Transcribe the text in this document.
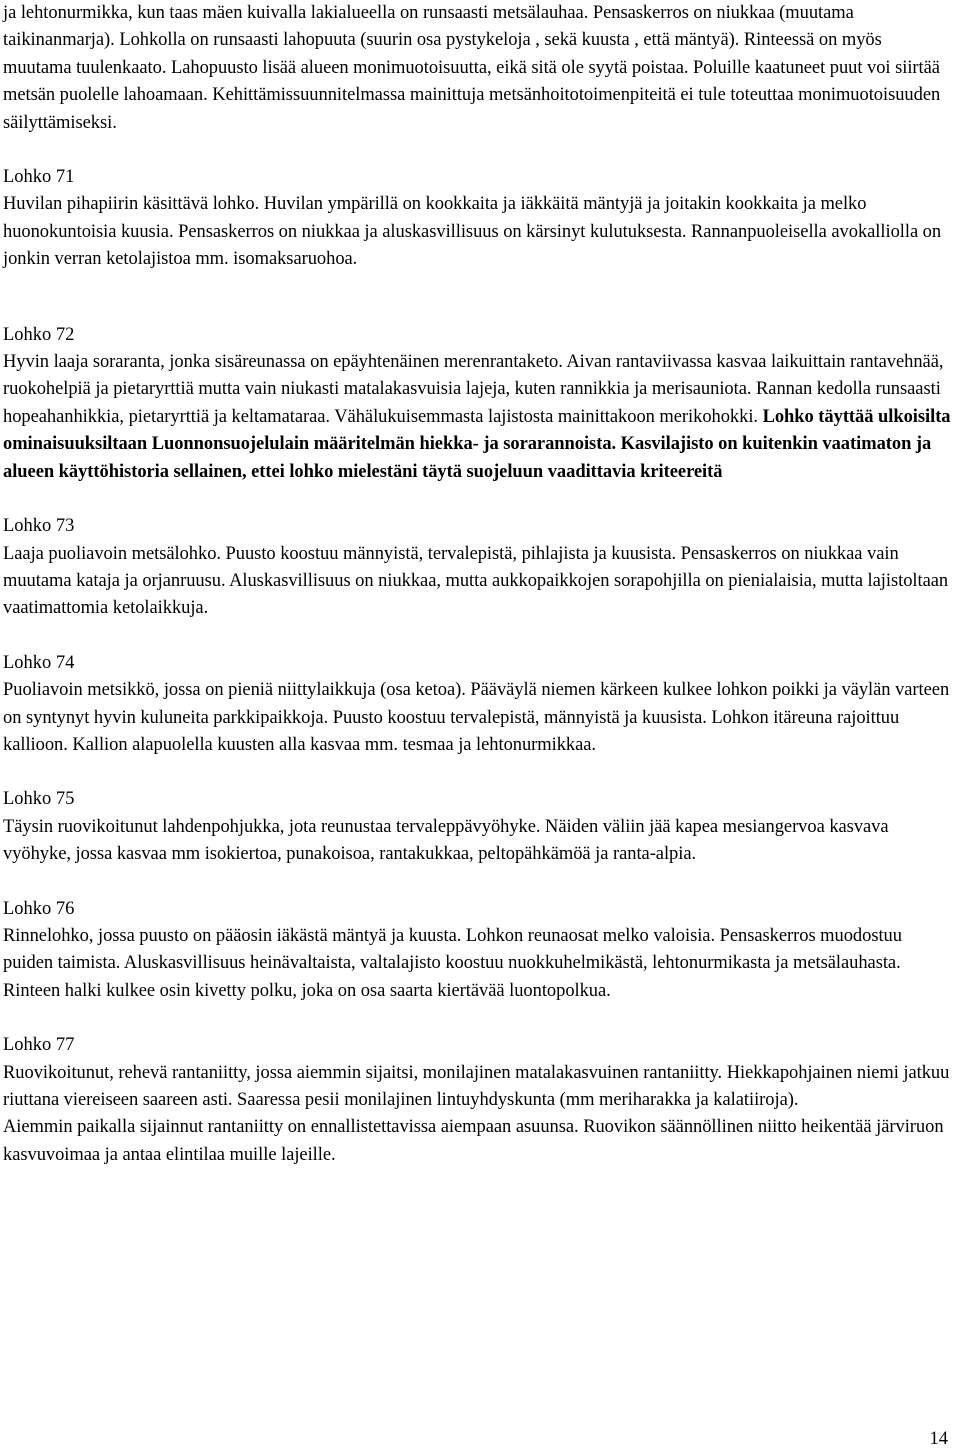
ja lehtonurmikka, kun taas mäen kuivalla lakialueella on runsaasti metsälauhaa. Pensaskerros on niukkaa (muutama taikinanmarja). Lohkolla on runsaasti lahopuuta (suurin osa pystykeloja , sekä kuusta , että mäntyä). Rinteessä on myös muutama tuulenkaato. Lahopuusto lisää alueen monimuotoisuutta, eikä sitä ole syytä poistaa. Poluille kaatuneet puut voi siirtää metsän puolelle lahoamaan. Kehittämissuunnitelmassa mainittuja metsänhoitotoimenpiteitä ei tule toteuttaa monimuotoisuuden säilyttämiseksi.

Lohko 71

Huvilan pihapiirin käsittävä lohko. Huvilan ympärillä on kookkaita ja iäkkäitä mäntyjä ja joitakin kookkaita ja melko huonokuntoisia kuusia. Pensaskerros on niukkaa ja aluskasvillisuus on kärsinyt kulutuksesta. Rannanpuoleisella avokalliolla on jonkin verran ketolajistoa mm. isomaksaruohoa.

Lohko 72

Hyvin laaja soraranta, jonka sisäreunassa on epäyhtenäinen merenrantaketo. Aivan rantaviivassa kasvaa laikuittain rantavehnää, ruokohelpiä ja pietaryrttiä mutta vain niukasti matalakasvuisia lajeja, kuten rannikkia ja merisauniota. Rannan kedolla runsaasti hopeahanhikkia, pietaryrttiä ja keltamataraa. Vähälukuisemmasta lajistosta mainittakoon merikohokki. Lohko täyttää ulkoisilta ominaisuuksiltaan Luonnonsuojelulain määritelmän hiekka- ja sorarannoista. Kasvilajisto on kuitenkin vaatimaton ja alueen käyttöhistoria sellainen, ettei lohko mielestäni täytä suojeluun vaadittavia kriteereitä

Lohko 73

Laaja puoliavoin metsälohko. Puusto koostuu männyistä, tervalepistä, pihlajista ja kuusista. Pensaskerros on niukkaa vain muutama kataja ja orjanruusu. Aluskasvillisuus on niukkaa, mutta aukkopaikkojen sorapohjilla on pienialaisia, mutta lajistoltaan vaatimattomia ketolaikkuja.

Lohko 74

Puoliavoin metsikkö, jossa on pieniä niittylaikkuja (osa ketoa). Pääväylä niemen kärkeen kulkee lohkon poikki ja väylän varteen on syntynyt hyvin kuluneita parkkipaikkoja. Puusto koostuu tervalepistä, männyistä ja kuusista. Lohkon itäreuna rajoittuu kallioon. Kallion alapuolella kuusten alla kasvaa mm. tesmaa ja lehtonurmikkaa.

Lohko 75

Täysin ruovikoitunut lahdenpohjukka, jota reunustaa tervaleppävyöhyke. Näiden väliin jää kapea mesiangervoa kasvava vyöhyke, jossa kasvaa mm isokiertoa, punakoisoa, rantakukkaa, peltopähkämöä ja ranta-alpia.

Lohko 76

Rinnelohko, jossa puusto on pääosin iäkästä mäntyä ja kuusta. Lohkon reunaosat melko valoisia. Pensaskerros muodostuu puiden taimista. Aluskasvillisuus heinävaltaista, valtalajisto koostuu nuokkuhelmikästä, lehtonurmikasta ja metsälauhasta. Rinteen halki kulkee osin kivetty polku, joka on osa saarta kiertävää luontopolkua.

Lohko 77

Ruovikoitunut, rehevä rantaniitty, jossa aiemmin sijaitsi, monilajinen matalakasvuinen rantaniitty. Hiekkapohjainen niemi jatkuu riuttana viereiseen saareen asti. Saaressa pesii monilajinen lintuyhdyskunta (mm meriharakka ja kalatiiroja).

Aiemmin paikalla sijainnut rantaniitty on ennallistettavissa aiempaan asuunsa. Ruovikon säännöllinen niitto heikentää järviruon kasvuvoimaa ja antaa elintilaa muille lajeille.

14
